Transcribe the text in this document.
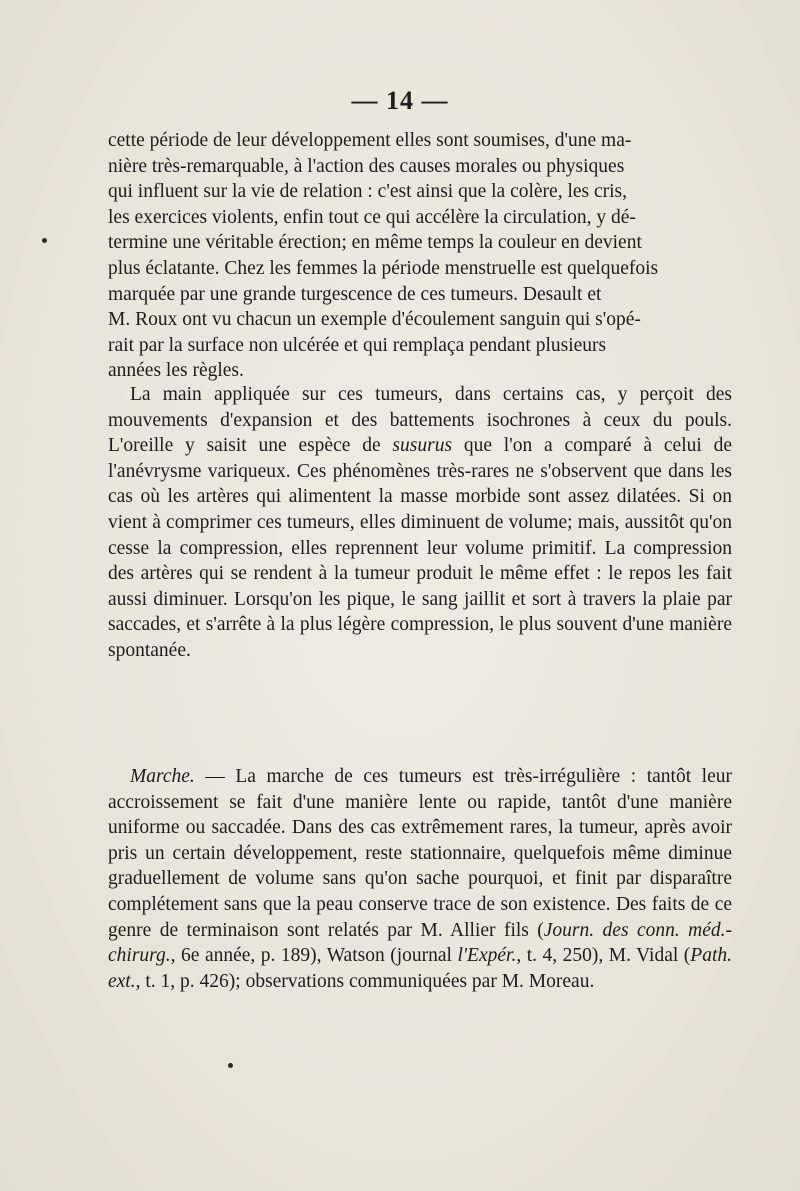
— 14 —
cette période de leur développement elles sont soumises, d'une ma-
nière très-remarquable, à l'action des causes morales ou physiques
qui influent sur la vie de relation : c'est ainsi que la colère, les cris,
les exercices violents, enfin tout ce qui accélère la circulation, y dé-
termine une véritable érection; en même temps la couleur en devient
plus éclatante. Chez les femmes la période menstruelle est quelquefois
marquée par une grande turgescence de ces tumeurs. Desault et
M. Roux ont vu chacun un exemple d'écoulement sanguin qui s'opé-
rait par la surface non ulcérée et qui remplaça pendant plusieurs
années les règles.

La main appliquée sur ces tumeurs, dans certains cas, y perçoit des mouvements d'expansion et des battements isochrones à ceux du pouls. L'oreille y saisit une espèce de susurus que l'on a comparé à celui de l'anévrysme variqueux. Ces phénomènes très-rares ne s'observent que dans les cas où les artères qui alimentent la masse morbide sont assez dilatées. Si on vient à comprimer ces tumeurs, elles diminuent de volume; mais, aussitôt qu'on cesse la compression, elles reprennent leur volume primitif. La compression des artères qui se rendent à la tumeur produit le même effet : le repos les fait aussi diminuer. Lorsqu'on les pique, le sang jaillit et sort à travers la plaie par saccades, et s'arrête à la plus légère compression, le plus souvent d'une manière spontanée.

Marche. — La marche de ces tumeurs est très-irrégulière : tantôt leur accroissement se fait d'une manière lente ou rapide, tantôt d'une manière uniforme ou saccadée. Dans des cas extrêmement rares, la tumeur, après avoir pris un certain développement, reste stationnaire, quelquefois même diminue graduellement de volume sans qu'on sache pourquoi, et finit par disparaître complétement sans que la peau conserve trace de son existence. Des faits de ce genre de terminaison sont relatés par M. Allier fils (Journ. des conn. méd.-chirurg., 6e année, p. 189), Watson (journal l'Expér., t. 4, 250), M. Vidal (Path. ext., t. 1, p. 426); observations communiquées par M. Moreau.
